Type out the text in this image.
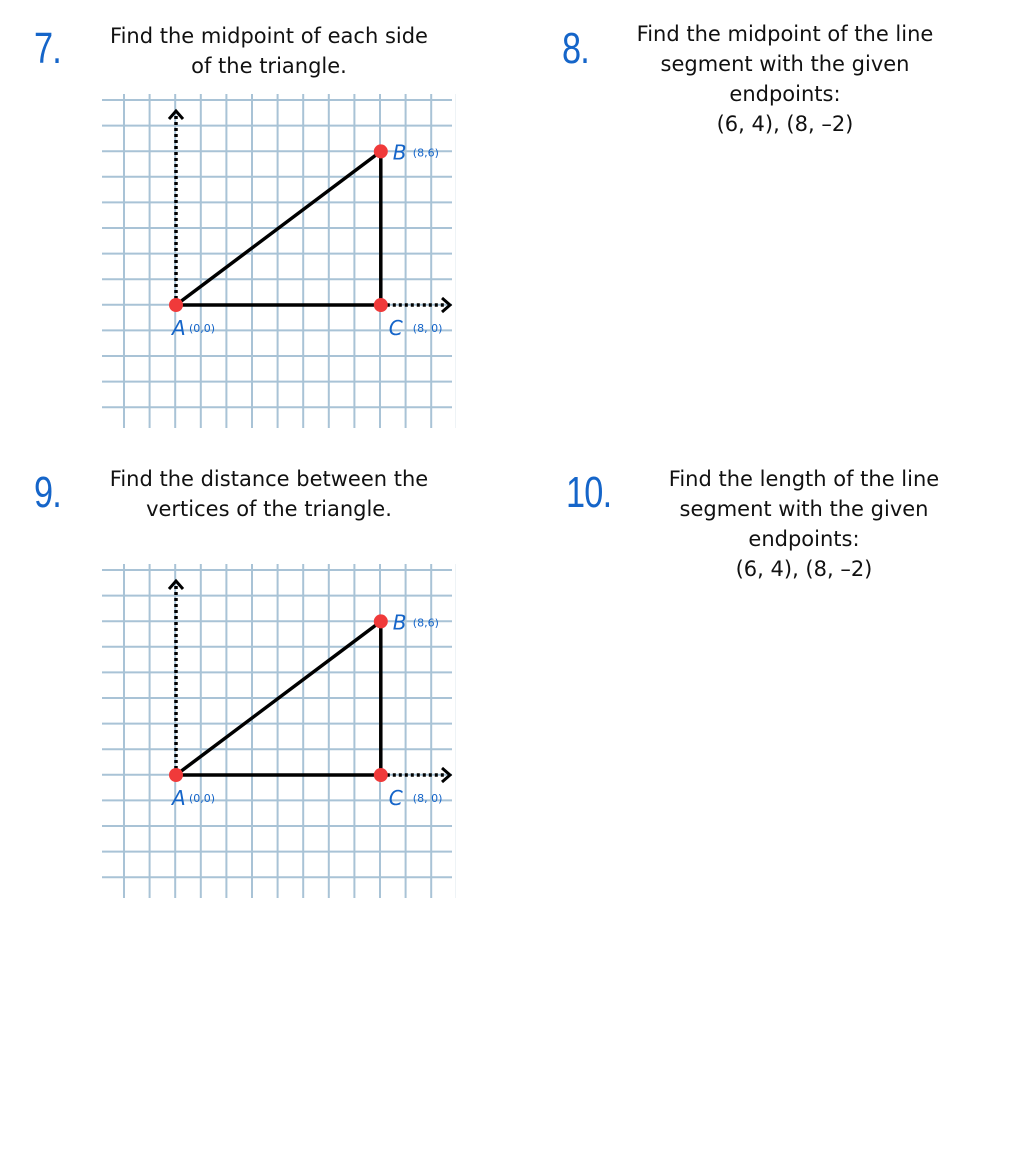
7.	Find the midpoint of each side
of the triangle.	8.	Find the midpoint of the line
segment with the given
endpoints:
(6, 4), (8, –2)
9.	Find the distance between the
vertices of the triangle.	10.	Find the length of the line
segment with the given
endpoints:
(6, 4), (8, –2)
A (0,0)
B (8,6)
C (8, 0)
A (0,0)
B (8,6)
C (8, 0)
